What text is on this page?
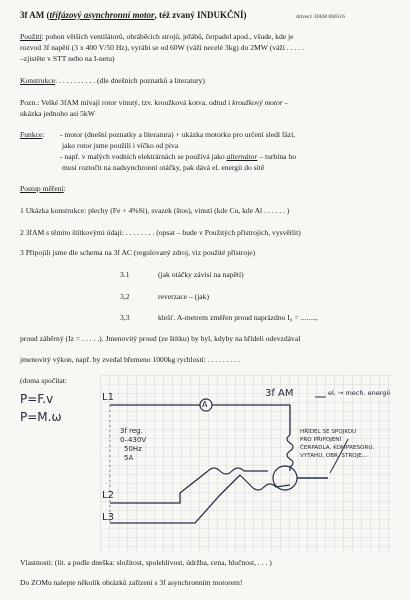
3f AM (třífázový asynchronní motor, též zvaný INDUKČNÍ)	drives1 3fAM 060516
Použití: pohon větších ventilátorů, obráběcích strojů, jeřábů, čerpadel apod., všude, kde je
rozvod 3f napětí (3 x 400 V/50 Hz), vyrábí se od 60W (váží necelé 3kg) do 2MW (váží . . . . .
–zjistěte v STT nebo na I-netu)
Konstrukce: . . . . . . . . . . (dle dnešních poznatků a literatury)
Pozn.: Velké 3fAM mívají rotor vinutý, tzv. kroužková kotva, odtud i kroužkový motor –
ukázka jednoho asi 5kW
Funkce: - motor (dnešní poznatky a literatura) + ukázka motorku pro určení sledí fází,
jako rotor jsme použili i víčko od piva
- např. v malých vodních elektrárnách se používá jako alternátor – turbína ho
musí roztočit na nadsynchronní otáčky, pak dává el. energii do sítě
Postup měření:
1 Ukázka konstrukce: plechy (Fe + 4%Si), svazek (štos), vinutí (kde Cu, kde Al . . . . . . )
2 3fAM s těmito štítkovými údaji: . . . . . . . . (opsat – bude v Použitých přístrojích, vysvětlit)
3 Připojili jsme dle schema na 3f AC (regulovaný zdroj, viz použité přístroje)
3.1	(jak otáčky závisí na napětí)
3,2	reverzace – (jak)
3,3	klešť. A-metrem změřen proud naprázdno I₀ = ........,
proud záběrný (Iz = . . . . .). Jmenovitý proud (ze štítku) by byl, kdyby na hřídeli odevzdával
jmenovitý výkon, např. by zvedal břemeno 1000kg rychlostí: . . . . . . . . .
(doma spočítat:
P=F.v
P=M.ω
L1
L2
L3
A
3f AM	el. → mech. energii
3f reg.
0–430V
50Hz
5A
HŘÍDEL SE SPOJKOU
PRO PŘIPOJENÍ
ČERPADLA, KOMPRESORU,
VYTAHU, OBR. STROJE…
Vlastnosti: (lit. a podle dneška: složitost, spolehlivost, údržba, cena, hlučnost, . . . )
Do ZOMu nalepte několik obrázků zařízení s 3f asynchronním motorem!
